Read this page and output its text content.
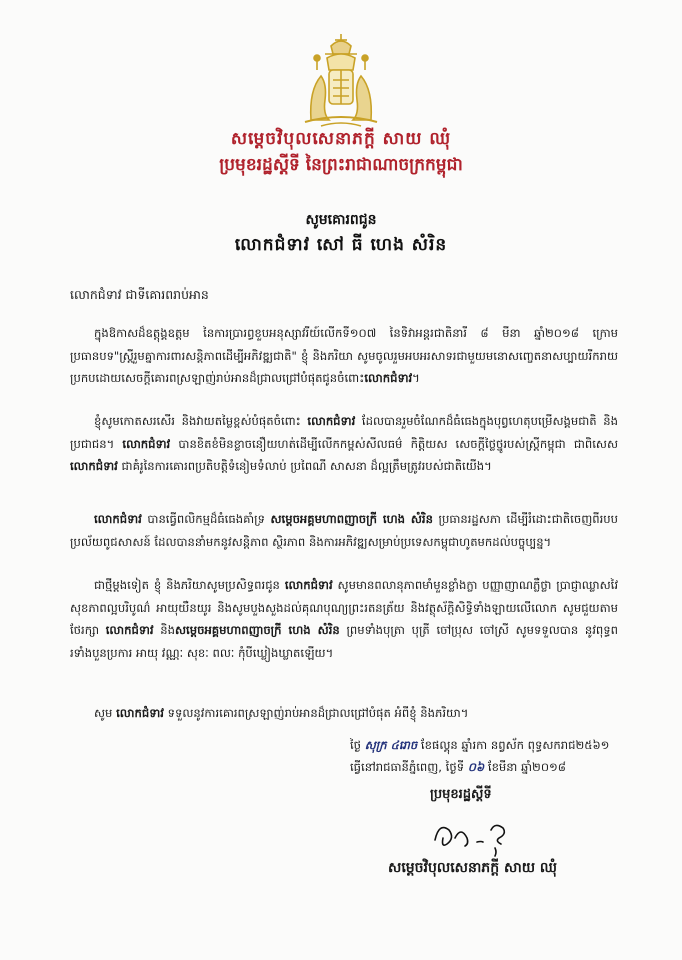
សម្តេចវិបុលសេនាភក្តី សាយ ឈុំ
ប្រមុខរដ្ឋស្តីទី នៃព្រះរាជាណាចក្រកម្ពុជា
សូមគោរពជូន
លោកជំទាវ សៅ ធី ហេង សំរិន
លោកជំទាវ ជាទីគោរពរាប់អាន
ក្នុងឱកាសដ៏ឧត្តុង្គឧត្តម នៃការប្រារព្ធខួបអនុស្សាវរីយ៍លើកទី១០៧ នៃទិវាអន្តរជាតិនារី ៨ មីនា ឆ្នាំ២០១៨ ក្រោមប្រធានបទ"ស្ត្រីរួមគ្នាការពារសន្តិភាពដើម្បីអភិវឌ្ឍជាតិ" ខ្ញុំ និងភរិយា សូមចូលរួមអបអរសាទរជាមួយមនោសញ្ចេតនាសប្បាយរីករាយប្រកបដោយសេចក្តីគោរពស្រឡាញ់រាប់អានដ៏ជ្រាលជ្រៅបំផុតជូនចំពោះលោកជំទាវ។
ខ្ញុំសូមកោតសរសើរ និងវាយតម្លៃខ្ពស់បំផុតចំពោះ លោកជំទាវ ដែលបានរួមចំណែកដ៏ធំធេងក្នុងបុព្វហេតុបម្រើសង្គមជាតិ និងប្រជាជន។ លោកជំទាវ បានខិតខំមិនខ្លាចនឿយហត់ដើម្បីលើកកម្ពស់សីលធម៌ កិត្តិយស សេចក្តីថ្លៃថ្នូរបស់ស្ត្រីកម្ពុជា ជាពិសេស លោកជំទាវ ជាគំរូនៃការគោរពប្រតិបត្តិទំនៀមទំលាប់ ប្រពៃណី សាសនា ដ៏ល្អត្រឹមត្រូវរបស់ជាតិយើង។
លោកជំទាវ បានធ្វើពលិកម្មដ៏ធំធេងគាំទ្រ សម្តេចអគ្គមហាពញាចក្រី ហេង សំរិន ប្រធានរដ្ឋសភា ដើម្បីរំដោះជាតិចេញពីរបបប្រល័យពូជសាសន៍ ដែលបាននាំមកនូវសន្តិភាព ស្ថិរភាព និងការអភិវឌ្ឍសម្រាប់ប្រទេសកម្ពុជាហូតមកដល់បច្ចុប្បន្ន។
ជាថ្មីម្តងទៀត ខ្ញុំ និងភរិយាសូមប្រសិទ្ធពរជូន លោកជំទាវ សូមមានពលានុភាពមាំមួនខ្លាំងក្លា បញ្ញាញាណភ្លឺថ្លា ប្រាជ្ញាឈ្លាសវៃ សុខភាពល្អបរិបូណ៌ អាយុយឺនយូរ និងសូមបួងសួងដល់គុណបុណ្យព្រះរតនត្រ័យ និងវត្ថុស័ក្តិសិទ្ធិទាំងឡាយលើលោក សូមជួយតាមថែរក្សា លោកជំទាវ និងសម្តេចអគ្គមហាពញាចក្រី ហេង សំរិន ព្រមទាំងបុត្រា បុត្រី ចៅប្រុស ចៅស្រី សូមទទួលបាន នូវពុទ្ធពរទាំងបួនប្រការ អាយុ វណ្ណៈ សុខៈ ពលៈ កុំបីឃ្លៀងឃ្លាតឡើយ។
សូម លោកជំទាវ ទទួលនូវការគោរពស្រឡាញ់រាប់អានដ៏ជ្រាលជ្រៅបំផុត អំពីខ្ញុំ និងភរិយា។
ថ្ងៃ សុក្រ ៤រោច ខែផល្គុន ឆ្នាំរកា នព្វស័ក ពុទ្ធសករាជ២៥៦១
ធ្វើនៅរាជធានីភ្នំពេញ, ថ្ងៃទី ០៦ ខែមីនា ឆ្នាំ២០១៨
ប្រមុខរដ្ឋស្តីទី
សម្តេចវិបុលសេនាភក្តី សាយ ឈុំ
